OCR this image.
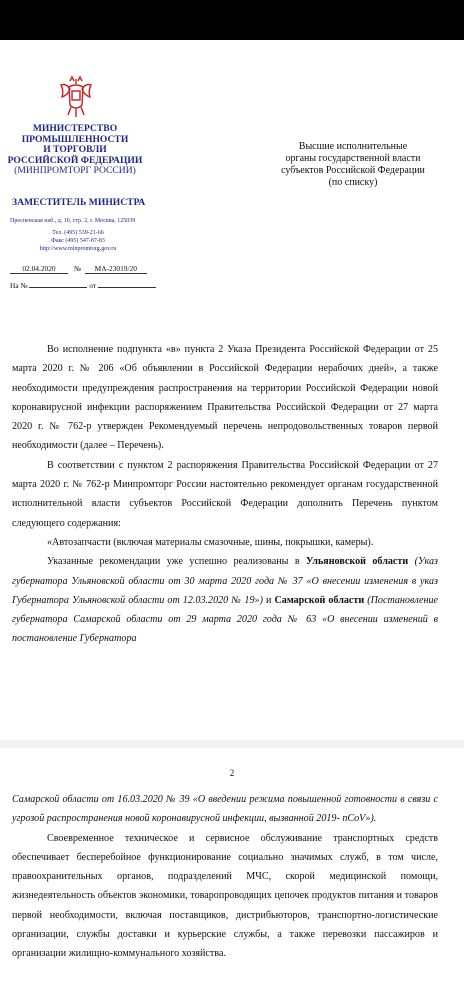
МИНИСТЕРСТВО
ПРОМЫШЛЕННОСТИ
И ТОРГОВЛИ
РОССИЙСКОЙ ФЕДЕРАЦИИ
(МИНПРОМТОРГ РОССИИ)
ЗАМЕСТИТЕЛЬ МИНИСТРА
Пресненская наб., д. 10, стр. 2, г. Москва, 125039
Тел. (495) 539-21-66
Факс (495) 547-87-83
http://www.minpromtorg.gov.ru
02.04.2020 № МА-23019/20
На №	от
Высшие исполнительные
органы государственной власти
субъектов Российской Федерации
(по списку)

Во исполнение подпункта «в» пункта 2 Указа Президента Российской Федерации от 25 марта 2020 г. № 206 «Об объявлении в Российской Федерации нерабочих дней», а также необходимости предупреждения распространения на территории Российской Федерации новой коронавирусной инфекции распоряжением Правительства Российской Федерации от 27 марта 2020 г. № 762-р утвержден Рекомендуемый перечень непродовольственных товаров первой необходимости (далее – Перечень).

В соответствии с пунктом 2 распоряжения Правительства Российской Федерации от 27 марта 2020 г. № 762-р Минпромторг России настоятельно рекомендует органам государственной исполнительной власти субъектов Российской Федерации дополнить Перечень пунктом следующего содержания:

«Автозапчасти (включая материалы смазочные, шины, покрышки, камеры).

Указанные рекомендации уже успешно реализованы в Ульяновской области (Указ губернатора Ульяновской области от 30 марта 2020 года № 37 «О внесении изменения в указ Губернатора Ульяновской области от 12.03.2020 № 19») и Самарской области (Постановление губернатора Самарской области от 29 марта 2020 года № 63 «О внесении изменений в постановление Губернатора

2

Самарской области от 16.03.2020 № 39 «О введении режима повышенной готовности в связи с угрозой распространения новой коронавирусной инфекции, вызванной 2019- nCoV»).

Своевременное техническое и сервисное обслуживание транспортных средств обеспечивает бесперебойное функционирование социально значимых служб, в том числе, правоохранительных органов, подразделений МЧС, скорой медицинской помощи, жизнедеятельность объектов экономики, товаропроводящих цепочек продуктов питания и товаров первой необходимости, включая поставщиков, дистрибьюторов, транспортно-логистические организации, службы доставки и курьерские службы, а также перевозки пассажиров и организации жилищно-коммунального хозяйства.
